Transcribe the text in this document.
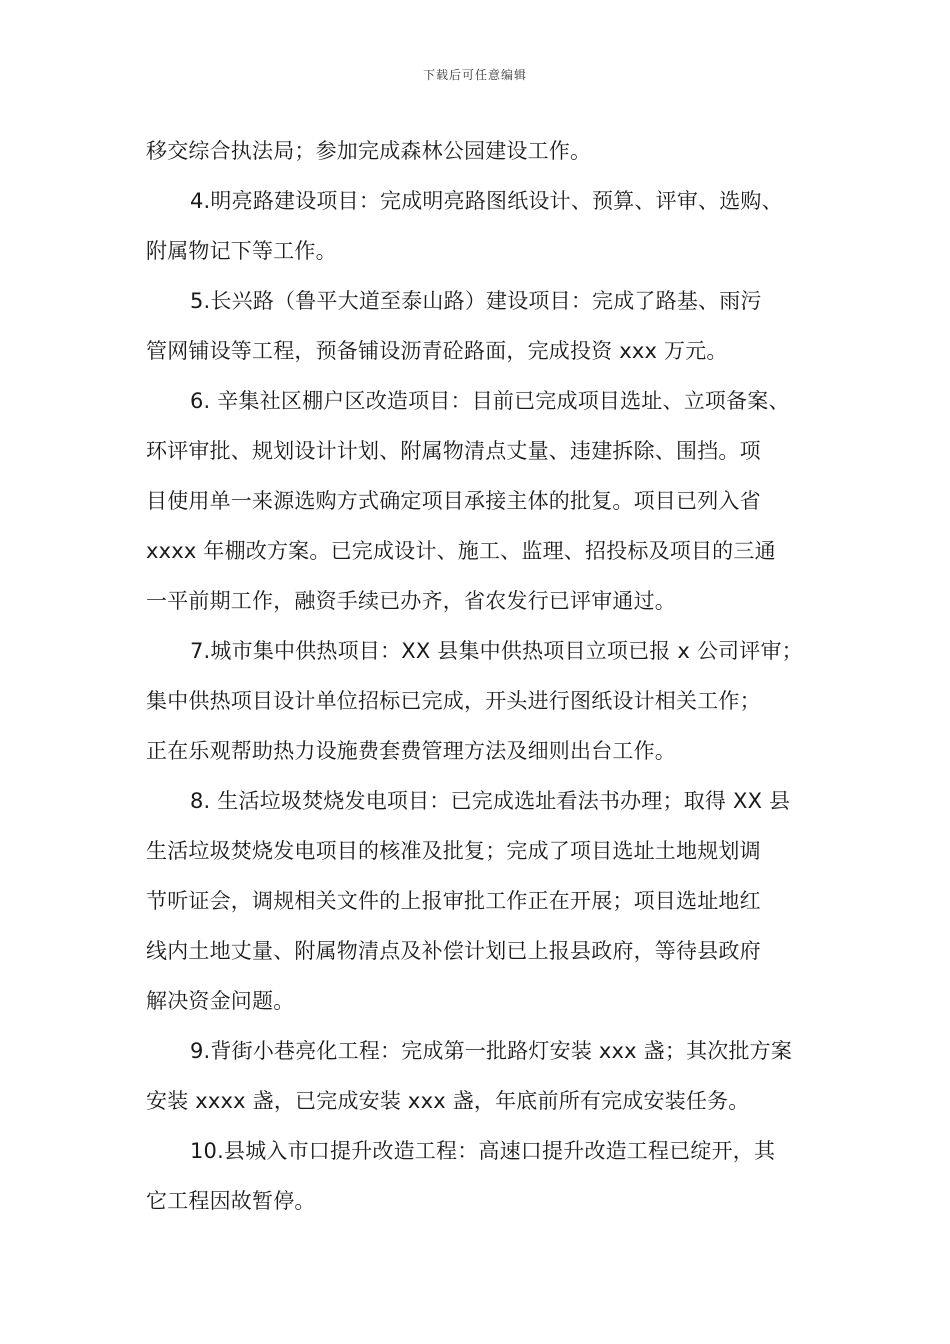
下载后可任意编辑
移交综合执法局；参加完成森林公园建设工作。
4.明亮路建设项目：完成明亮路图纸设计、预算、评审、选购、
附属物记下等工作。
5.长兴路（鲁平大道至泰山路）建设项目：完成了路基、雨污
管网铺设等工程，预备铺设沥青砼路面，完成投资 xxx 万元。
6. 辛集社区棚户区改造项目：目前已完成项目选址、立项备案、
环评审批、规划设计计划、附属物清点丈量、违建拆除、围挡。项
目使用单一来源选购方式确定项目承接主体的批复。项目已列入省
xxxx 年棚改方案。已完成设计、施工、监理、招投标及项目的三通
一平前期工作，融资手续已办齐，省农发行已评审通过。
7.城市集中供热项目：XX 县集中供热项目立项已报 x 公司评审；
集中供热项目设计单位招标已完成，开头进行图纸设计相关工作；
正在乐观帮助热力设施费套费管理方法及细则出台工作。
8. 生活垃圾焚烧发电项目：已完成选址看法书办理；取得 XX 县
生活垃圾焚烧发电项目的核准及批复；完成了项目选址土地规划调
节听证会，调规相关文件的上报审批工作正在开展；项目选址地红
线内土地丈量、附属物清点及补偿计划已上报县政府，等待县政府
解决资金问题。
9.背街小巷亮化工程：完成第一批路灯安装 xxx 盏；其次批方案
安装 xxxx 盏，已完成安装 xxx 盏，年底前所有完成安装任务。
10.县城入市口提升改造工程：高速口提升改造工程已绽开，其
它工程因故暂停。
